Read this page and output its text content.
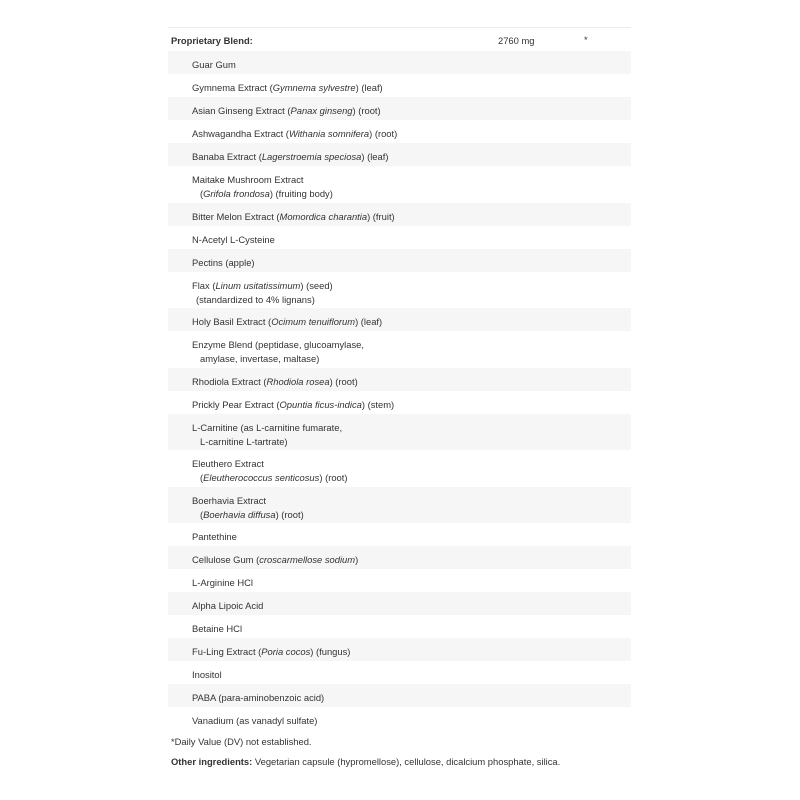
Proprietary Blend:	2760 mg	*
Guar Gum
Gymnema Extract (Gymnema sylvestre) (leaf)
Asian Ginseng Extract (Panax ginseng) (root)
Ashwagandha Extract (Withania somnifera) (root)
Banaba Extract (Lagerstroemia speciosa) (leaf)
Maitake Mushroom Extract
(Grifola frondosa) (fruiting body)
Bitter Melon Extract (Momordica charantia) (fruit)
N-Acetyl L-Cysteine
Pectins (apple)
Flax (Linum usitatissimum) (seed)
(standardized to 4% lignans)
Holy Basil Extract (Ocimum tenuiflorum) (leaf)
Enzyme Blend (peptidase, glucoamylase,
amylase, invertase, maltase)
Rhodiola Extract (Rhodiola rosea) (root)
Prickly Pear Extract (Opuntia ficus-indica) (stem)
L-Carnitine (as L-carnitine fumarate,
L-carnitine L-tartrate)
Eleuthero Extract
(Eleutherococcus senticosus) (root)
Boerhavia Extract
(Boerhavia diffusa) (root)
Pantethine
Cellulose Gum (croscarmellose sodium)
L-Arginine HCl
Alpha Lipoic Acid
Betaine HCl
Fu-Ling Extract (Poria cocos) (fungus)
Inositol
PABA (para-aminobenzoic acid)
Vanadium (as vanadyl sulfate)
*Daily Value (DV) not established.
Other ingredients: Vegetarian capsule (hypromellose), cellulose, dicalcium phosphate, silica.
